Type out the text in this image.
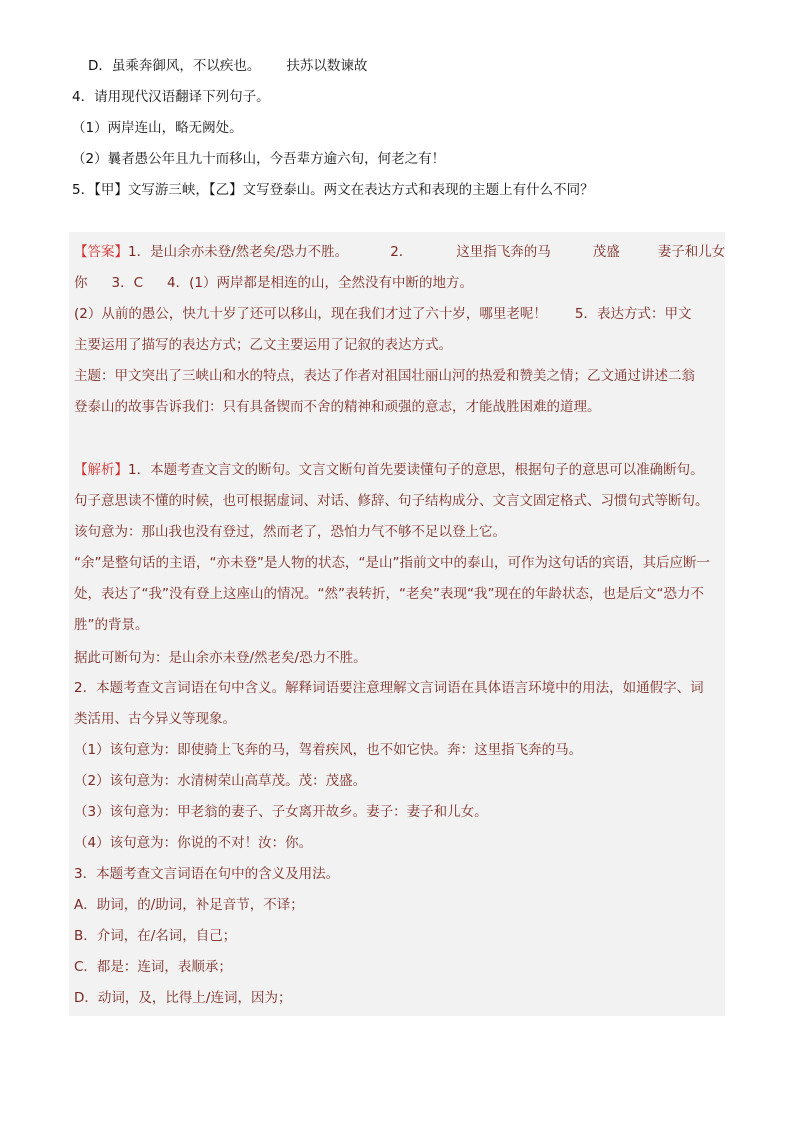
D．虽乘奔御风，不以疾也。 扶苏以数谏故
4．请用现代汉语翻译下列句子。
（1）两岸连山，略无阙处。
（2）曩者愚公年且九十而移山，今吾辈方逾六旬，何老之有！
5．【甲】文写游三峡，【乙】文写登泰山。两文在表达方式和表现的主题上有什么不同？
【答案】1．是山余亦未登/然老矣/恐力不胜。	2．	这里指飞奔的马	茂盛	妻子和儿女
你 3．C 4．(1）两岸都是相连的山，全然没有中断的地方。
(2）从前的愚公，快九十岁了还可以移山，现在我们才过了六十岁，哪里老呢！ 5．表达方式：甲文
主要运用了描写的表达方式；乙文主要运用了记叙的表达方式。
主题：甲文突出了三峡山和水的特点，表达了作者对祖国壮丽山河的热爱和赞美之情；乙文通过讲述二翁
登泰山的故事告诉我们：只有具备锲而不舍的精神和顽强的意志，才能战胜困难的道理。
【解析】1．本题考查文言文的断句。文言文断句首先要读懂句子的意思，根据句子的意思可以准确断句。
句子意思读不懂的时候，也可根据虚词、对话、修辞、句子结构成分、文言文固定格式、习惯句式等断句。
该句意为：那山我也没有登过，然而老了，恐怕力气不够不足以登上它。
“余”是整句话的主语，“亦未登”是人物的状态，“是山”指前文中的泰山，可作为这句话的宾语，其后应断一
处，表达了“我”没有登上这座山的情况。“然”表转折，“老矣”表现“我”现在的年龄状态，也是后文“恐力不
胜”的背景。
据此可断句为：是山余亦未登/然老矣/恐力不胜。
2．本题考查文言词语在句中含义。解释词语要注意理解文言词语在具体语言环境中的用法，如通假字、词
类活用、古今异义等现象。
（1）该句意为：即使骑上飞奔的马，驾着疾风，也不如它快。奔：这里指飞奔的马。
（2）该句意为：水清树荣山高草茂。茂：茂盛。
（3）该句意为：甲老翁的妻子、子女离开故乡。妻子：妻子和儿女。
（4）该句意为：你说的不对！汝：你。
3．本题考查文言词语在句中的含义及用法。
A．助词，的/助词，补足音节，不译；
B．介词，在/名词，自己；
C．都是：连词，表顺承；
D．动词，及，比得上/连词，因为；
